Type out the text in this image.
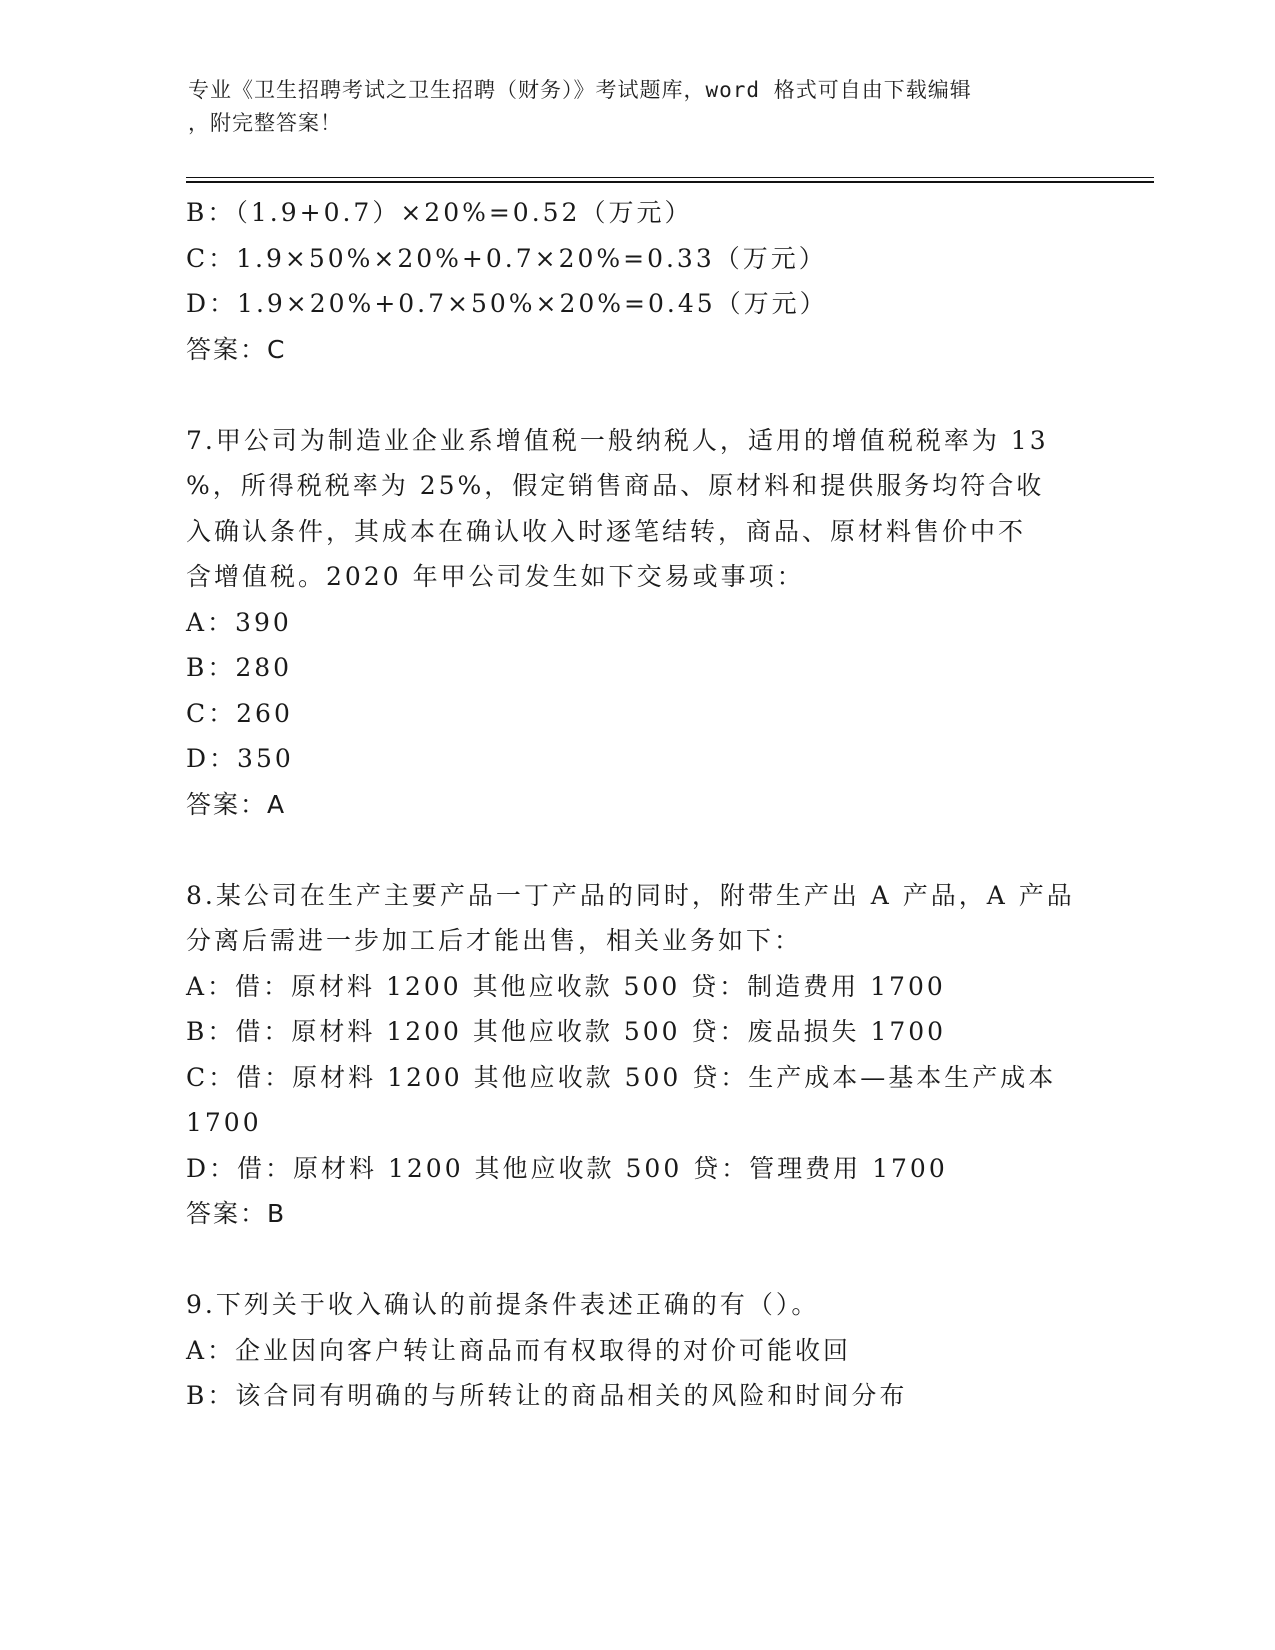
专业《卫生招聘考试之卫生招聘（财务）》考试题库，word 格式可自由下载编辑
，附完整答案！
B：（1.9+0.7）×20%=0.52（万元）
C：1.9×50%×20%+0.7×20%=0.33（万元）
D：1.9×20%+0.7×50%×20%=0.45（万元）
答案：C
7.甲公司为制造业企业系增值税一般纳税人，适用的增值税税率为 13
%，所得税税率为 25%，假定销售商品、原材料和提供服务均符合收
入确认条件，其成本在确认收入时逐笔结转，商品、原材料售价中不
含增值税。2020 年甲公司发生如下交易或事项：
A：390
B：280
C：260
D：350
答案：A
8.某公司在生产主要产品一丁产品的同时，附带生产出 A 产品，A 产品
分离后需进一步加工后才能出售，相关业务如下：
A：借：原材料 1200 其他应收款 500 贷：制造费用 1700
B：借：原材料 1200 其他应收款 500 贷：废品损失 1700
C：借：原材料 1200 其他应收款 500 贷：生产成本—基本生产成本
1700
D：借：原材料 1200 其他应收款 500 贷：管理费用 1700
答案：B
9.下列关于收入确认的前提条件表述正确的有（）。
A：企业因向客户转让商品而有权取得的对价可能收回
B：该合同有明确的与所转让的商品相关的风险和时间分布
